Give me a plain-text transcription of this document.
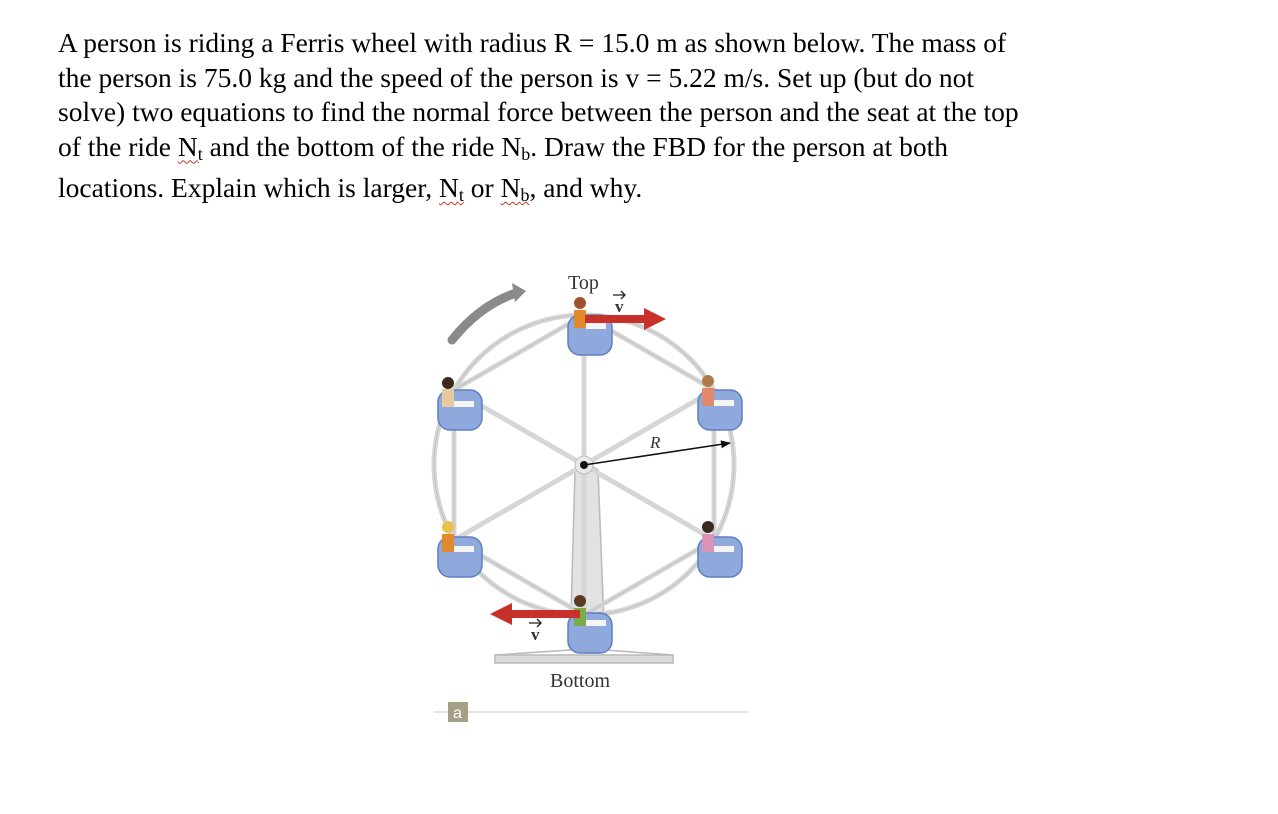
A person is riding a Ferris wheel with radius R = 15.0 m as shown below. The mass of

the person is 75.0 kg and the speed of the person is v = 5.22 m/s. Set up (but do not

solve) two equations to find the normal force between the person and the seat at the top

of the ride $N_t$ and the bottom of the ride $N_b$. Draw the FBD for the person at both

locations. Explain which is larger, $N_t$ or $N_b$, and why.

R
v
v
Top
Bottom
a
